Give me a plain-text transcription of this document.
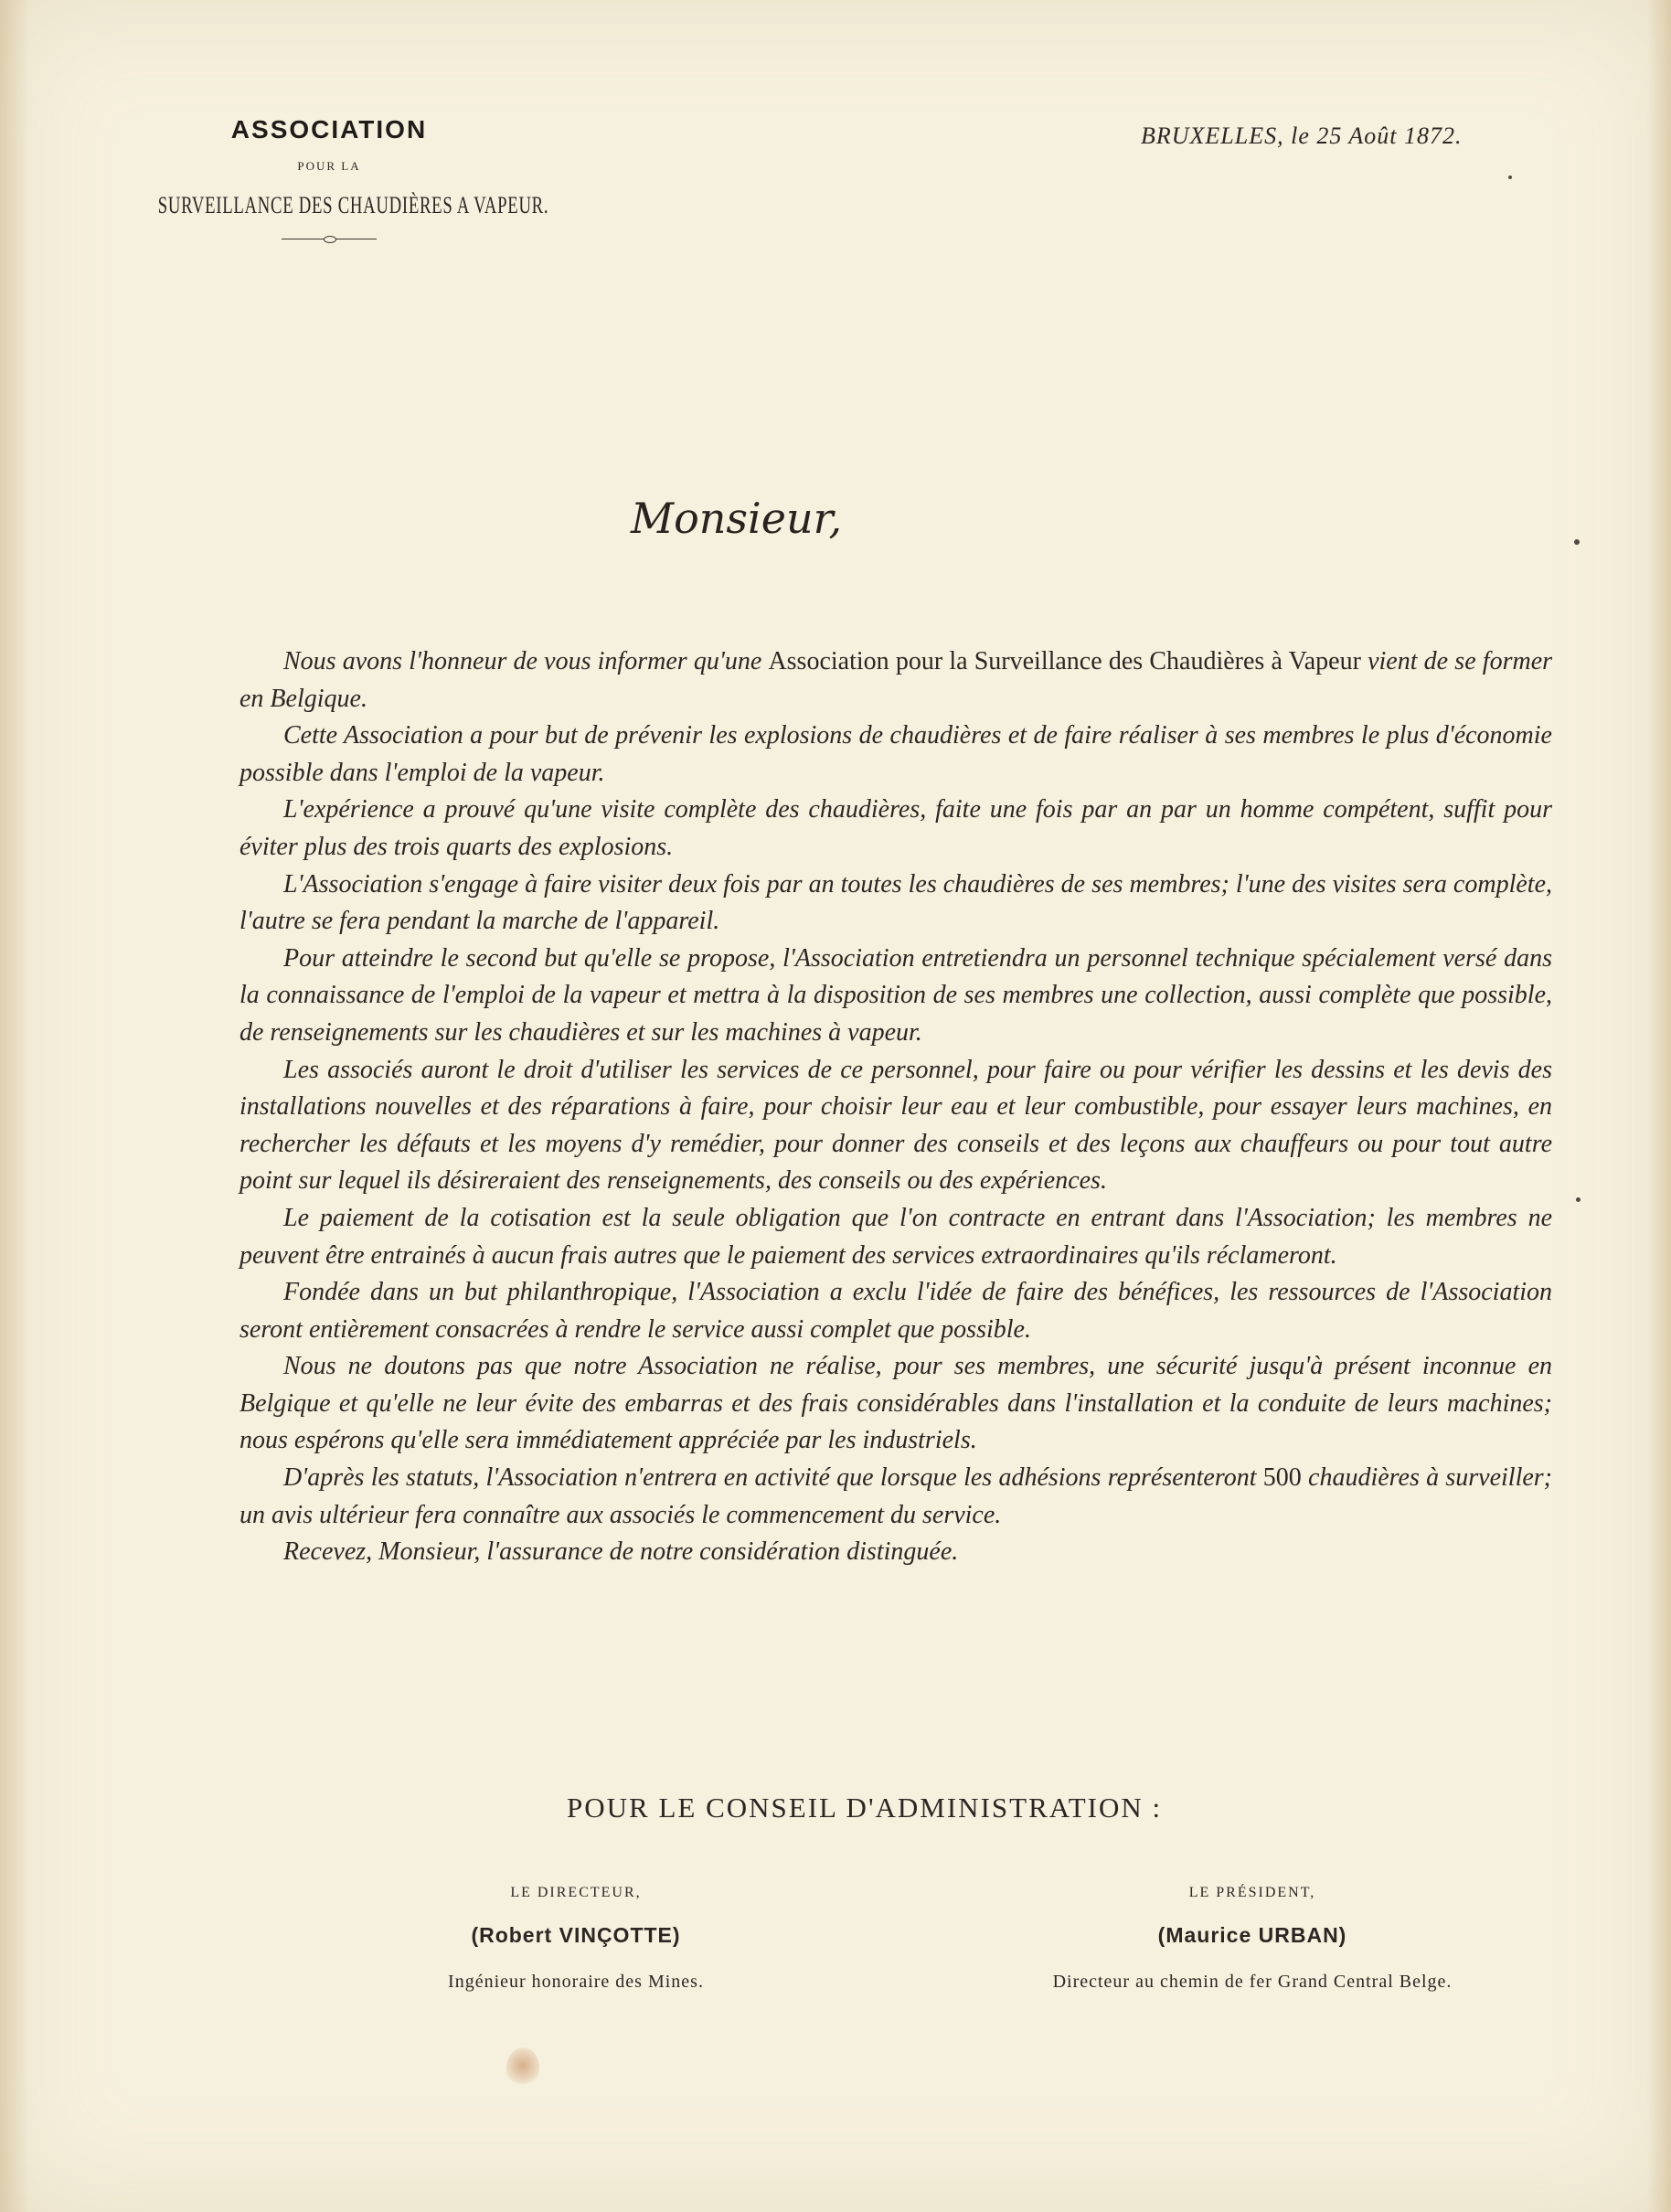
ASSOCIATION
POUR LA
SURVEILLANCE DES CHAUDIÈRES A VAPEUR.
BRUXELLES, le 25 Août 1872.
Monsieur,

Nous avons l'honneur de vous informer qu'une Association pour la Surveillance des Chaudières à Vapeur vient de se former en Belgique.

Cette Association a pour but de prévenir les explosions de chaudières et de faire réaliser à ses membres le plus d'économie possible dans l'emploi de la vapeur.

L'expérience a prouvé qu'une visite complète des chaudières, faite une fois par an par un homme compétent, suffit pour éviter plus des trois quarts des explosions.

L'Association s'engage à faire visiter deux fois par an toutes les chaudières de ses membres; l'une des visites sera complète, l'autre se fera pendant la marche de l'appareil.

Pour atteindre le second but qu'elle se propose, l'Association entretiendra un personnel technique spécialement versé dans la connaissance de l'emploi de la vapeur et mettra à la disposition de ses membres une collection, aussi complète que possible, de renseignements sur les chaudières et sur les machines à vapeur.

Les associés auront le droit d'utiliser les services de ce personnel, pour faire ou pour vérifier les dessins et les devis des installations nouvelles et des réparations à faire, pour choisir leur eau et leur combustible, pour essayer leurs machines, en rechercher les défauts et les moyens d'y remédier, pour donner des conseils et des leçons aux chauffeurs ou pour tout autre point sur lequel ils désireraient des renseignements, des conseils ou des expériences.

Le paiement de la cotisation est la seule obligation que l'on contracte en entrant dans l'Association; les membres ne peuvent être entrainés à aucun frais autres que le paiement des services extraordinaires qu'ils réclameront.

Fondée dans un but philanthropique, l'Association a exclu l'idée de faire des bénéfices, les ressources de l'Association seront entièrement consacrées à rendre le service aussi complet que possible.

Nous ne doutons pas que notre Association ne réalise, pour ses membres, une sécurité jusqu'à présent inconnue en Belgique et qu'elle ne leur évite des embarras et des frais considérables dans l'installation et la conduite de leurs machines; nous espérons qu'elle sera immédiatement appréciée par les industriels.

D'après les statuts, l'Association n'entrera en activité que lorsque les adhésions représenteront 500 chaudières à surveiller; un avis ultérieur fera connaître aux associés le commencement du service.

Recevez, Monsieur, l'assurance de notre considération distinguée.

POUR LE CONSEIL D'ADMINISTRATION :
LE DIRECTEUR,
(Robert VINÇOTTE)
Ingénieur honoraire des Mines.
LE PRÉSIDENT,
(Maurice URBAN)
Directeur au chemin de fer Grand Central Belge.
